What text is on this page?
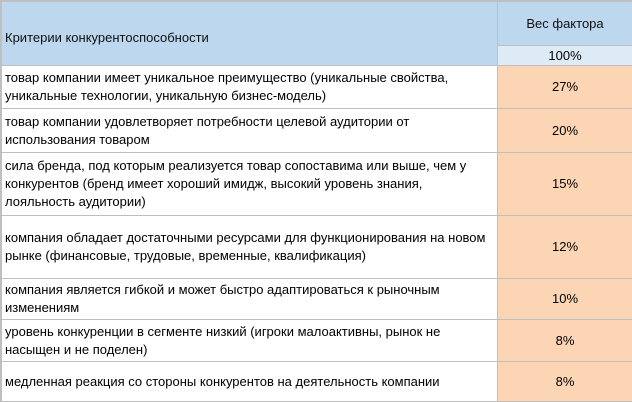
Критерии конкурентоспособности	Вес фактора
	100%
товар компании имеет уникальное преимущество (уникальные свойства, уникальные технологии, уникальную бизнес-модель)	27%
товар компании удовлетворяет потребности целевой аудитории от использования товаром	20%
сила бренда, под которым реализуется товар сопоставима или выше, чем у конкурентов (бренд имеет хороший имидж, высокий уровень знания, лояльность аудитории)	15%
компания обладает достаточными ресурсами для функционирования на новом рынке (финансовые, трудовые, временные, квалификация)	12%
компания является гибкой и может быстро адаптироваться к рыночным изменениям	10%
уровень конкуренции в сегменте низкий (игроки малоактивны, рынок не насыщен и не поделен)	8%
медленная реакция со стороны конкурентов на деятельность компании	8%
